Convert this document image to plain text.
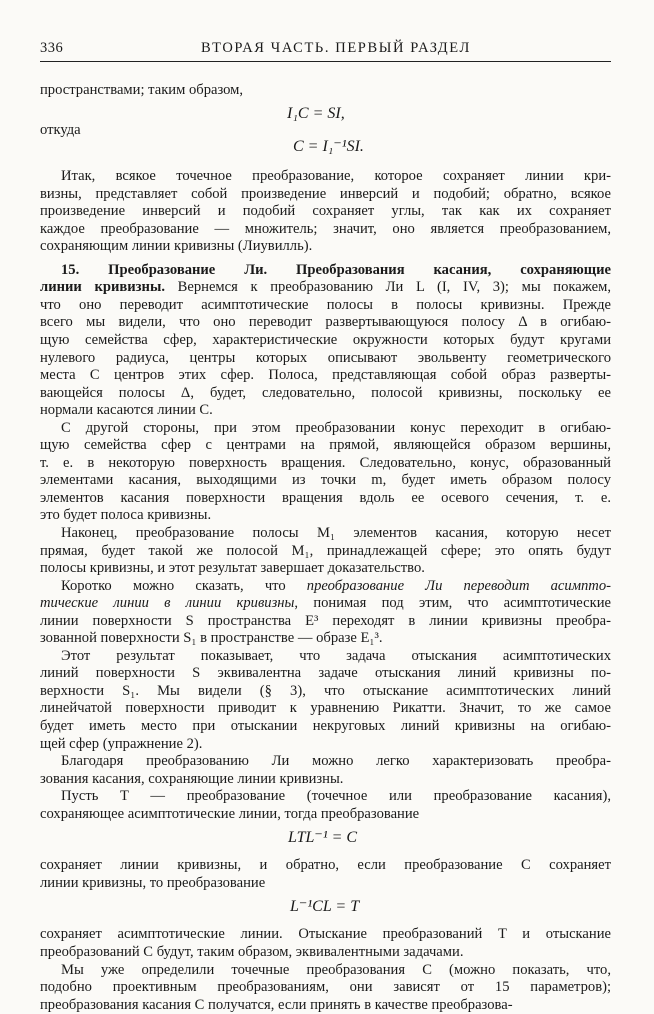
336	ВТОРАЯ ЧАСТЬ. ПЕРВЫЙ РАЗДЕЛ
пространствами; таким образом,
I₁C = SI,
откуда
C = I₁⁻¹SI.
Итак, всякое точечное преобразование, которое сохраняет линии кри-
визны, представляет собой произведение инверсий и подобий; обратно, всякое
произведение инверсий и подобий сохраняет углы, так как их сохраняет
каждое преобразование — множитель; значит, оно является преобразованием,
сохраняющим линии кривизны (Лиувилль).
15. Преобразование Ли. Преобразования касания, сохраняющие
линии кривизны. Вернемся к преобразованию Ли L (I, IV, 3); мы покажем,
что оно переводит асимптотические полосы в полосы кривизны. Прежде
всего мы видели, что оно переводит развертывающуюся полосу Δ в огибаю-
щую семейства сфер, характеристические окружности которых будут кругами
нулевого радиуса, центры которых описывают эвольвенту геометрического
места C центров этих сфер. Полоса, представляющая собой образ разверты-
вающейся полосы Δ, будет, следовательно, полосой кривизны, поскольку ее
нормали касаются линии C.
С другой стороны, при этом преобразовании конус переходит в огибаю-
щую семейства сфер с центрами на прямой, являющейся образом вершины,
т. е. в некоторую поверхность вращения. Следовательно, конус, образованный
элементами касания, выходящими из точки m, будет иметь образом полосу
элементов касания поверхности вращения вдоль ее осевого сечения, т. е.
это будет полоса кривизны.
Наконец, преобразование полосы M₁ элементов касания, которую несет
прямая, будет такой же полосой M₁, принадлежащей сфере; это опять будут
полосы кривизны, и этот результат завершает доказательство.
Коротко можно сказать, что преобразование Ли переводит асимпто-
тические линии в линии кривизны, понимая под этим, что асимптотические
линии поверхности S пространства E³ переходят в линии кривизны преобра-
зованной поверхности S₁ в пространстве — образе E₁³.
Этот результат показывает, что задача отыскания асимптотических
линий поверхности S эквивалентна задаче отыскания линий кривизны по-
верхности S₁. Мы видели (§ 3), что отыскание асимптотических линий
линейчатой поверхности приводит к уравнению Рикатти. Значит, то же самое
будет иметь место при отыскании некруговых линий кривизны на огибаю-
щей сфер (упражнение 2).
Благодаря преобразованию Ли можно легко характеризовать преобра-
зования касания, сохраняющие линии кривизны.
Пусть T — преобразование (точечное или преобразование касания),
сохраняющее асимптотические линии, тогда преобразование
LTL⁻¹ = C
сохраняет линии кривизны, и обратно, если преобразование C сохраняет
линии кривизны, то преобразование
L⁻¹CL = T
сохраняет асимптотические линии. Отыскание преобразований T и отыскание
преобразований C будут, таким образом, эквивалентными задачами.
Мы уже определили точечные преобразования C (можно показать, что,
подобно проективным преобразованиям, они зависят от 15 параметров);
преобразования касания C получатся, если принять в качестве преобразова-
